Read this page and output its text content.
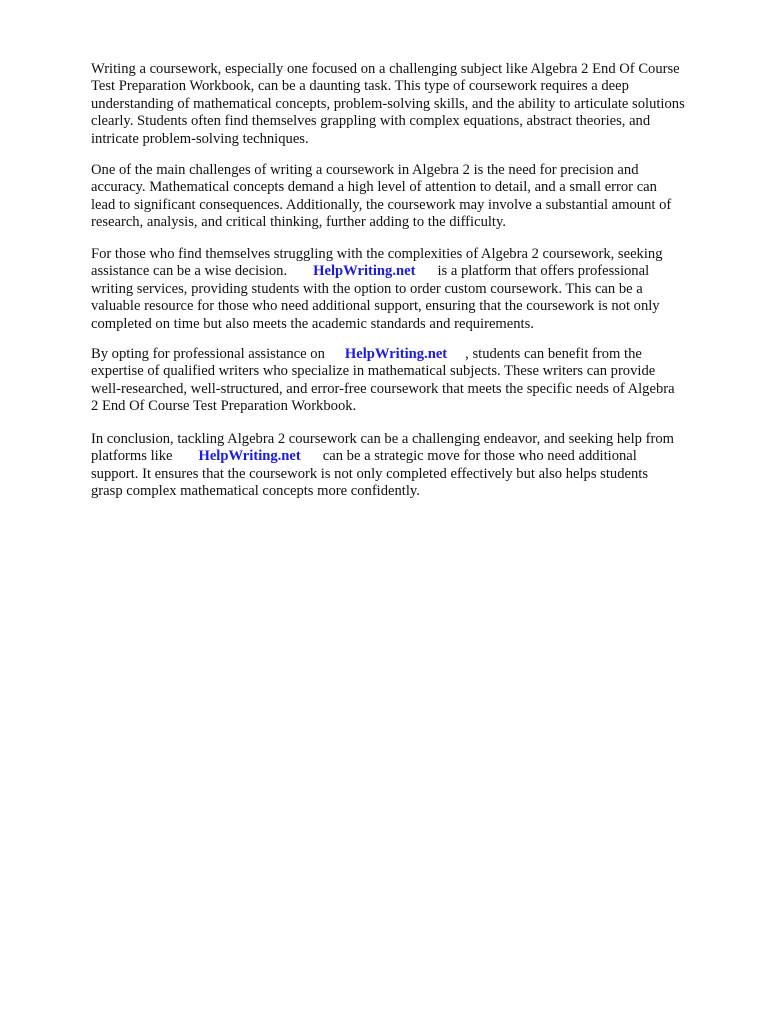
Writing a coursework, especially one focused on a challenging subject like Algebra 2 End Of Course
Test Preparation Workbook, can be a daunting task. This type of coursework requires a deep
understanding of mathematical concepts, problem-solving skills, and the ability to articulate solutions
clearly. Students often find themselves grappling with complex equations, abstract theories, and
intricate problem-solving techniques.
One of the main challenges of writing a coursework in Algebra 2 is the need for precision and
accuracy. Mathematical concepts demand a high level of attention to detail, and a small error can
lead to significant consequences. Additionally, the coursework may involve a substantial amount of
research, analysis, and critical thinking, further adding to the difficulty.
For those who find themselves struggling with the complexities of Algebra 2 coursework, seeking
assistance can be a wise decision. HelpWriting.net is a platform that offers professional
writing services, providing students with the option to order custom coursework. This can be a
valuable resource for those who need additional support, ensuring that the coursework is not only
completed on time but also meets the academic standards and requirements.
By opting for professional assistance on HelpWriting.net , students can benefit from the
expertise of qualified writers who specialize in mathematical subjects. These writers can provide
well-researched, well-structured, and error-free coursework that meets the specific needs of Algebra
2 End Of Course Test Preparation Workbook.
In conclusion, tackling Algebra 2 coursework can be a challenging endeavor, and seeking help from
platforms like HelpWriting.net can be a strategic move for those who need additional
support. It ensures that the coursework is not only completed effectively but also helps students
grasp complex mathematical concepts more confidently.
